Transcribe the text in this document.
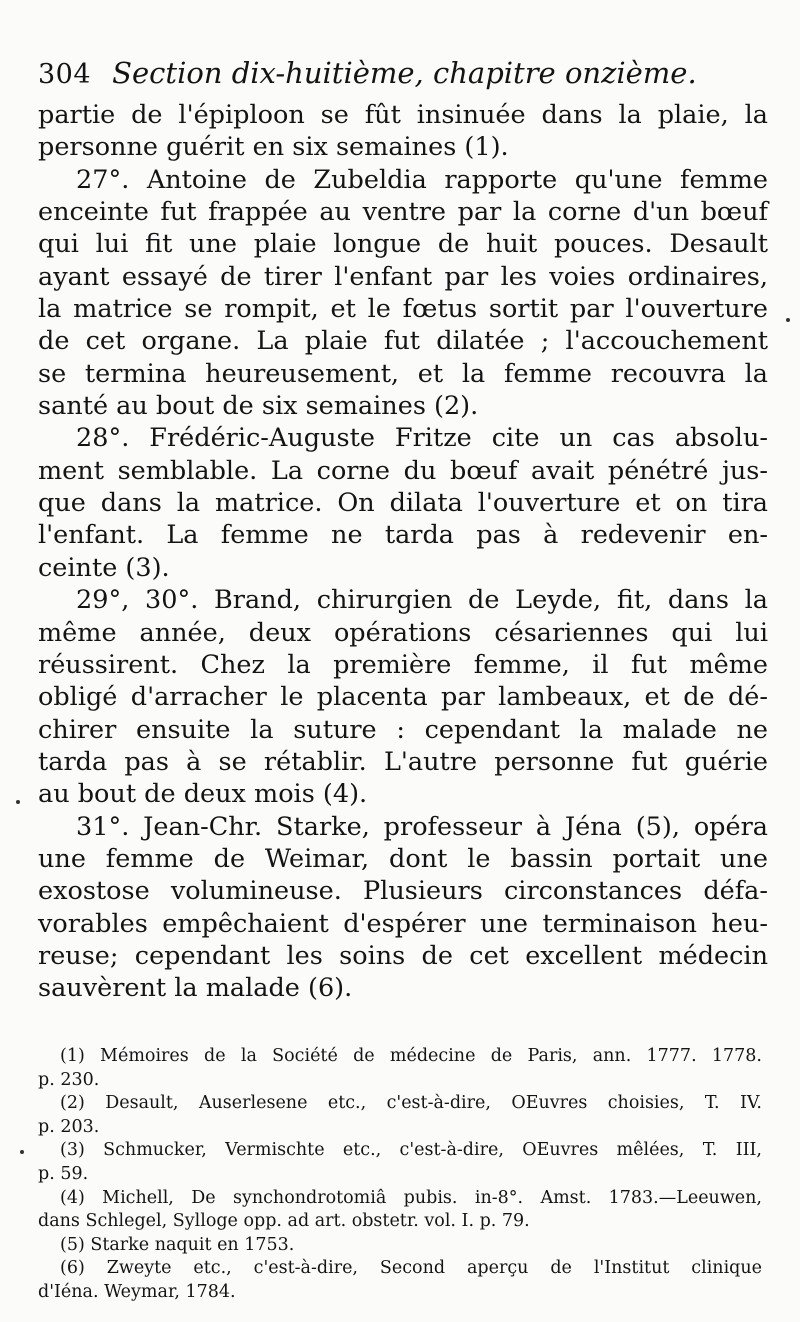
304 Section dix-huitième, chapitre onzième.
partie de l'épiploon se fût insinuée dans la plaie, la
personne guérit en six semaines (1).
27°. Antoine de Zubeldia rapporte qu'une femme
enceinte fut frappée au ventre par la corne d'un bœuf
qui lui fit une plaie longue de huit pouces. Desault
ayant essayé de tirer l'enfant par les voies ordinaires,
la matrice se rompit, et le fœtus sortit par l'ouverture
de cet organe. La plaie fut dilatée ; l'accouchement
se termina heureusement, et la femme recouvra la
santé au bout de six semaines (2).
28°. Frédéric-Auguste Fritze cite un cas absolu-
ment semblable. La corne du bœuf avait pénétré jus-
que dans la matrice. On dilata l'ouverture et on tira
l'enfant. La femme ne tarda pas à redevenir en-
ceinte (3).
29°, 30°. Brand, chirurgien de Leyde, fit, dans la
même année, deux opérations césariennes qui lui
réussirent. Chez la première femme, il fut même
obligé d'arracher le placenta par lambeaux, et de dé-
chirer ensuite la suture : cependant la malade ne
tarda pas à se rétablir. L'autre personne fut guérie
au bout de deux mois (4).
31°. Jean-Chr. Starke, professeur à Jéna (5), opéra
une femme de Weimar, dont le bassin portait une
exostose volumineuse. Plusieurs circonstances défa-
vorables empêchaient d'espérer une terminaison heu-
reuse; cependant les soins de cet excellent médecin
sauvèrent la malade (6).
(1) Mémoires de la Société de médecine de Paris, ann. 1777. 1778.
p. 230.
(2) Desault, Auserlesene etc., c'est-à-dire, OEuvres choisies, T. IV.
p. 203.
(3) Schmucker, Vermischte etc., c'est-à-dire, OEuvres mêlées, T. III,
p. 59.
(4) Michell, De synchondrotomiâ pubis. in-8°. Amst. 1783.—Leeuwen,
dans Schlegel, Sylloge opp. ad art. obstetr. vol. I. p. 79.
(5) Starke naquit en 1753.
(6) Zweyte etc., c'est-à-dire, Second aperçu de l'Institut clinique
d'Iéna. Weymar, 1784.
